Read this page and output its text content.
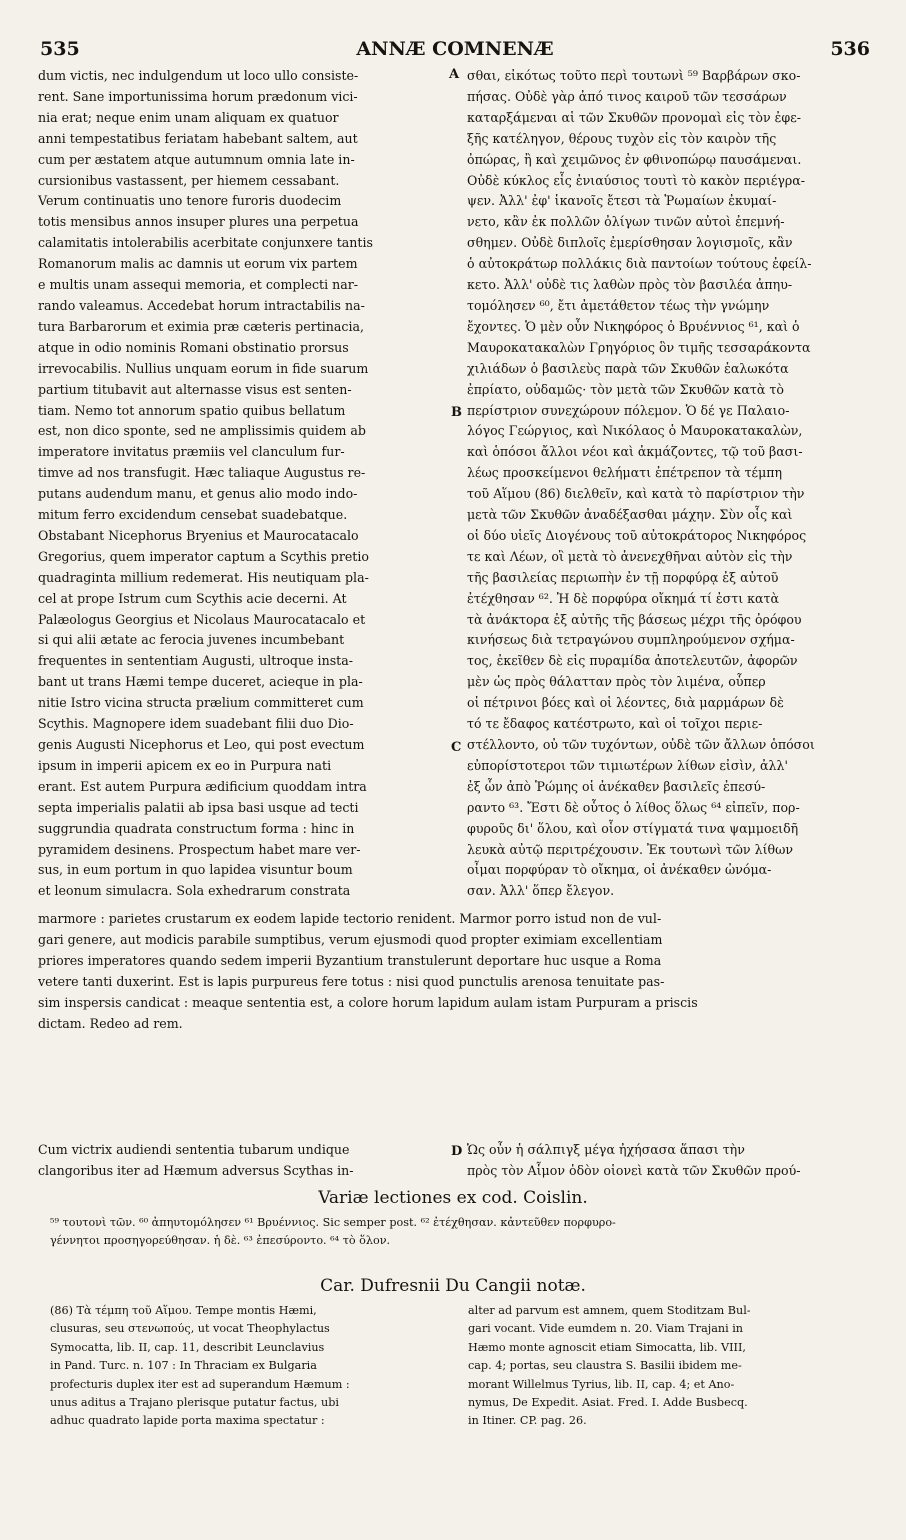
535	ANNÆ COMNENÆ	536
dum victis, nec indulgendum ut loco ullo consiste-
rent. Sane importunissima horum prædonum vici-
nia erat; neque enim unam aliquam ex quatuor
anni tempestatibus feriatam habebant saltem, aut
cum per æstatem atque autumnum omnia late in-
cursionibus vastassent, per hiemem cessabant.
Verum continuatis uno tenore furoris duodecim
totis mensibus annos insuper plures una perpetua
calamitatis intolerabilis acerbitate conjunxere tantis
Romanorum malis ac damnis ut eorum vix partem
e multis unam assequi memoria, et complecti nar-
rando valeamus. Accedebat horum intractabilis na-
tura Barbarorum et eximia præ cæteris pertinacia,
atque in odio nominis Romani obstinatio prorsus
irrevocabilis. Nullius unquam eorum in fide suarum
partium titubavit aut alternasse visus est senten-
tiam. Nemo tot annorum spatio quibus bellatum
est, non dico sponte, sed ne amplissimis quidem ab
imperatore invitatus præmiis vel clanculum fur-
timve ad nos transfugit. Hæc taliaque Augustus re-
putans audendum manu, et genus alio modo indo-
mitum ferro excidendum censebat suadebatque.
Obstabant Nicephorus Bryenius et Maurocatacalo
Gregorius, quem imperator captum a Scythis pretio
quadraginta millium redemerat. His neutiquam pla-
cel at prope Istrum cum Scythis acie decerni. At
Palæologus Georgius et Nicolaus Maurocatacalo et
si qui alii ætate ac ferocia juvenes incumbebant
frequentes in sententiam Augusti, ultroque insta-
bant ut trans Hæmi tempe duceret, acieque in pla-
nitie Istro vicina structa prælium committeret cum
Scythis. Magnopere idem suadebant filii duo Dio-
genis Augusti Nicephorus et Leo, qui post evectum
ipsum in imperii apicem ex eo in Purpura nati
erant. Est autem Purpura ædificium quoddam intra
septa imperialis palatii ab ipsa basi usque ad tecti
suggrundia quadrata constructum forma : hinc in
pyramidem desinens. Prospectum habet mare ver-
sus, in eum portum in quo lapidea visuntur boum
et leonum simulacra. Sola exhedrarum constrata
σθαι, εἰκότως τοῦτο περὶ τουτωνὶ ⁵⁹ Βαρβάρων σκο-
πήσας. Οὐδὲ γὰρ ἀπό τινος καιροῦ τῶν τεσσάρων
καταρξάμεναι αἱ τῶν Σκυθῶν προνομαὶ εἰς τὸν ἐφε-
ξῆς κατέληγον, θέρους τυχὸν εἰς τὸν καιρὸν τῆς
ὀπώρας, ἢ καὶ χειμῶνος ἐν φθινοπώρῳ παυσάμεναι.
Οὐδὲ κύκλος εἷς ἐνιαύσιος τουτὶ τὸ κακὸν περιέγρα-
ψεν. Ἀλλ' ἐφ' ἱκανοῖς ἔτεσι τὰ Ῥωμαίων ἐκυμαί-
νετο, κἂν ἐκ πολλῶν ὀλίγων τινῶν αὐτοὶ ἐπεμνή-
σθημεν. Οὐδὲ διπλοῖς ἐμερίσθησαν λογισμοῖς, κἂν
ὁ αὐτοκράτωρ πολλάκις διὰ παντοίων τούτους ἐφείλ-
κετο. Ἀλλ' οὐδὲ τις λαθὼν πρὸς τὸν βασιλέα ἀπηυ-
τομόλησεν ⁶⁰, ἔτι ἀμετάθετον τέως τὴν γνώμην
ἔχοντες. Ὁ μὲν οὖν Νικηφόρος ὁ Βρυέννιος ⁶¹, καὶ ὁ
Μαυροκατακαλὼν Γρηγόριος ὃν τιμῆς τεσσαράκοντα
χιλιάδων ὁ βασιλεὺς παρὰ τῶν Σκυθῶν ἑαλωκότα
ἐπρίατο, οὐδαμῶς· τὸν μετὰ τῶν Σκυθῶν κατὰ τὸ
περίστριον συνεχώρουν πόλεμον. Ὁ δέ γε Παλαιο-
λόγος Γεώργιος, καὶ Νικόλαος ὁ Μαυροκατακαλὼν,
καὶ ὁπόσοι ἄλλοι νέοι καὶ ἀκμάζοντες, τῷ τοῦ βασι-
λέως προσκείμενοι θελήματι ἐπέτρεπον τὰ τέμπη
τοῦ Αἵμου (86) διελθεῖν, καὶ κατὰ τὸ παρίστριον τὴν
μετὰ τῶν Σκυθῶν ἀναδέξασθαι μάχην. Σὺν οἷς καὶ
οἱ δύο υἱεῖς Διογένους τοῦ αὐτοκράτορος Νικηφόρος
τε καὶ Λέων, οἳ μετὰ τὸ ἀνενεχθῆναι αὐτὸν εἰς τὴν
τῆς βασιλείας περιωπὴν ἐν τῇ πορφύρᾳ ἐξ αὐτοῦ
ἐτέχθησαν ⁶². Ἡ δὲ πορφύρα οἴκημά τί ἐστι κατὰ
τὰ ἀνάκτορα ἐξ αὐτῆς τῆς βάσεως μέχρι τῆς ὀρόφου
κινήσεως διὰ τετραγώνου συμπληρούμενον σχήμα-
τος, ἐκεῖθεν δὲ εἰς πυραμίδα ἀποτελευτῶν, ἀφορῶν
μὲν ὡς πρὸς θάλατταν πρὸς τὸν λιμένα, οὗπερ
οἱ πέτρινοι βόες καὶ οἱ λέοντες, διὰ μαρμάρων δὲ
τό τε ἔδαφος κατέστρωτο, καὶ οἱ τοῖχοι περιε-
στέλλοντο, οὐ τῶν τυχόντων, οὐδὲ τῶν ἄλλων ὁπόσοι
εὐπορίστοτεροι τῶν τιμιωτέρων λίθων εἰσὶν, ἀλλ'
ἐξ ὧν ἀπὸ Ῥώμης οἱ ἀνέκαθεν βασιλεῖς ἐπεσύ-
ραντο ⁶³. Ἔστι δὲ οὗτος ὁ λίθος ὅλως ⁶⁴ εἰπεῖν, πορ-
φυροῦς δι' ὅλου, καὶ οἷον στίγματά τινα ψαμμοειδῆ
λευκὰ αὐτῷ περιτρέχουσιν. Ἐκ τουτωνὶ τῶν λίθων
οἶμαι πορφύραν τὸ οἴκημα, οἱ ἀνέκαθεν ὠνόμα-
σαν. Ἀλλ' ὅπερ ἔλεγον.
A
B
C
D
marmore : parietes crustarum ex eodem lapide tectorio renident. Marmor porro istud non de vul-
gari genere, aut modicis parabile sumptibus, verum ejusmodi quod propter eximiam excellentiam
priores imperatores quando sedem imperii Byzantium transtulerunt deportare huc usque a Roma
vetere tanti duxerint. Est is lapis purpureus fere totus : nisi quod punctulis arenosa tenuitate pas-
sim inspersis candicat : meaque sententia est, a colore horum lapidum aulam istam Purpuram a priscis
dictam. Redeo ad rem.
Cum victrix audiendi sententia tubarum undique
clangoribus iter ad Hæmum adversus Scythas in-
Ὡς οὖν ἡ σάλπιγξ μέγα ἠχήσασα ἅπασι τὴν
πρὸς τὸν Αἷμον ὁδὸν οἱονεὶ κατὰ τῶν Σκυθῶν πρού-
Variæ lectiones ex cod. Coislin.
⁵⁹ τουτονὶ τῶν. ⁶⁰ ἀπηυτομόλησεν ⁶¹ Βρυέννιος. Sic semper post. ⁶² ἐτέχθησαν. κἀντεῦθεν πορφυρο-
γέννητοι προσηγορεύθησαν. ἡ δὲ. ⁶³ ἐπεσύροντο. ⁶⁴ τὸ ὅλον.
Car. Dufresnii Du Cangii notæ.
(86) Τὰ τέμπη τοῦ Αἵμου. Tempe montis Hæmi,
clusuras, seu στενωπούς, ut vocat Theophylactus
Symocatta, lib. II, cap. 11, describit Leunclavius
in Pand. Turc. n. 107 : In Thraciam ex Bulgaria
profecturis duplex iter est ad superandum Hæmum :
unus aditus a Trajano plerisque putatur factus, ubi
adhuc quadrato lapide porta maxima spectatur :
alter ad parvum est amnem, quem Stoditzam Bul-
gari vocant. Vide eumdem n. 20. Viam Trajani in
Hæmo monte agnoscit etiam Simocatta, lib. VIII,
cap. 4; portas, seu claustra S. Basilii ibidem me-
morant Willelmus Tyrius, lib. II, cap. 4; et Ano-
nymus, De Expedit. Asiat. Fred. I. Adde Busbecq.
in Itiner. CP. pag. 26.
